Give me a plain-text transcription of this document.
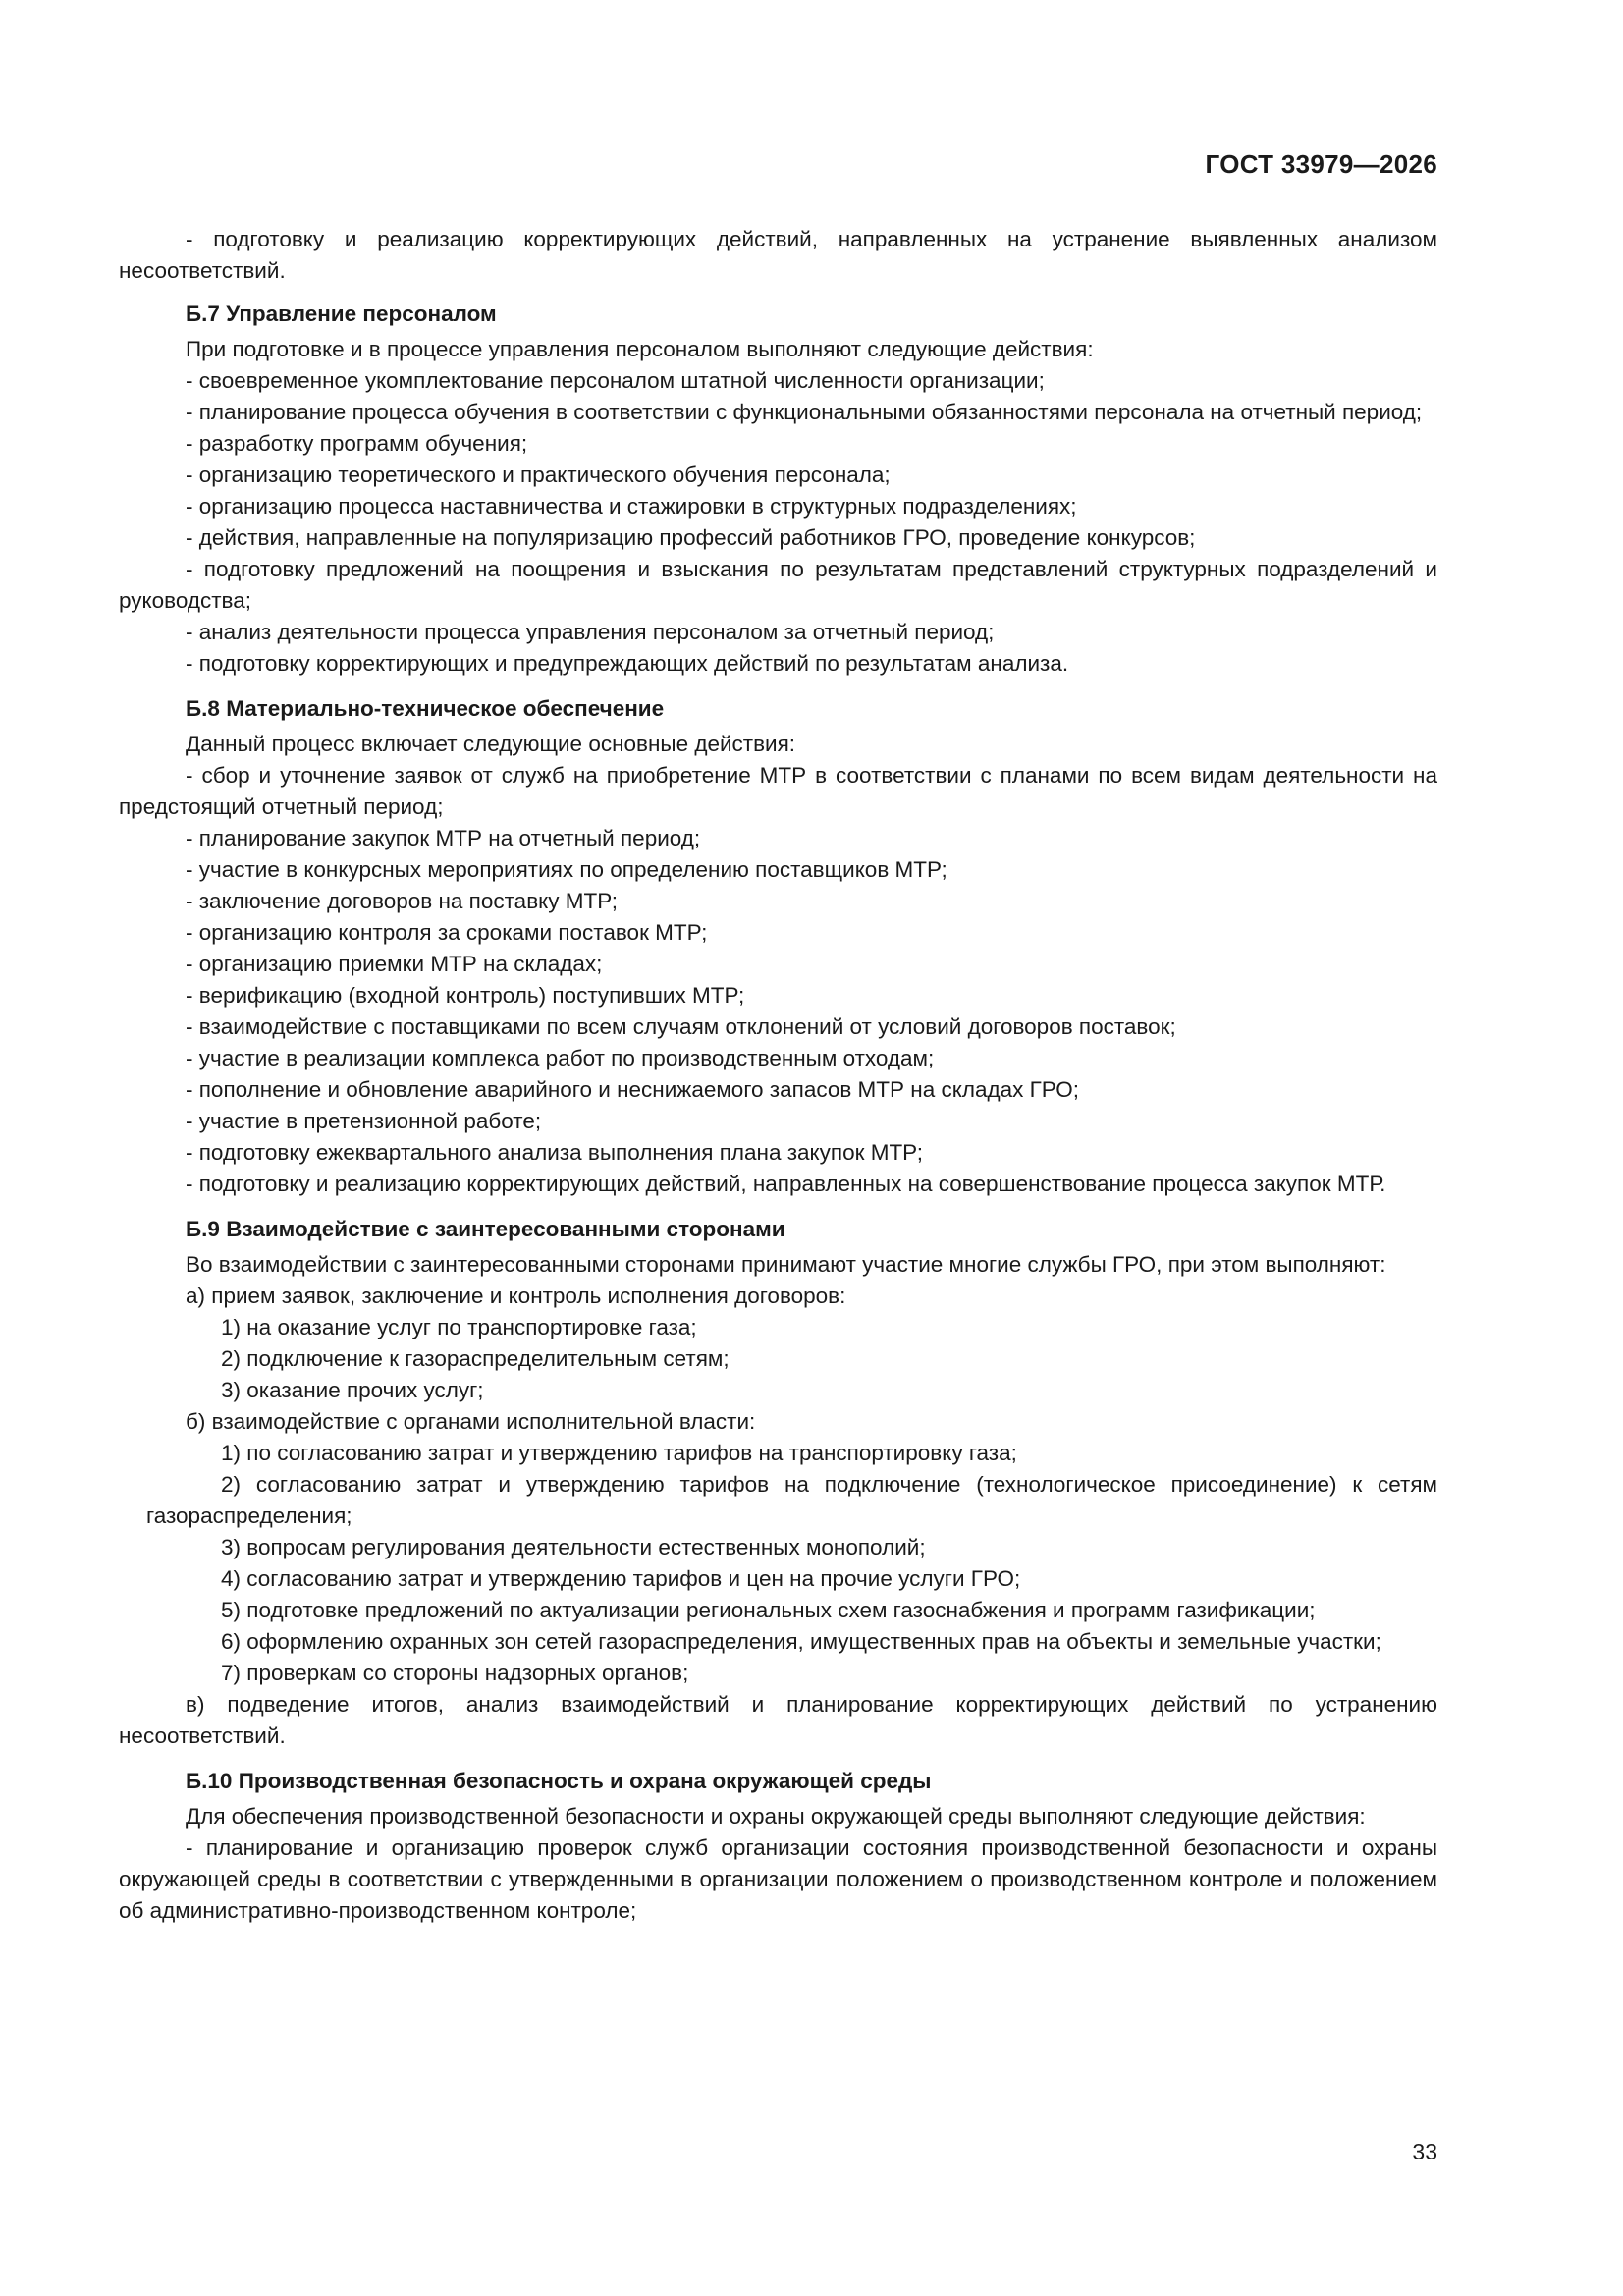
ГОСТ 33979—2026

- подготовку и реализацию корректирующих действий, направленных на устранение выявленных анализом несоответствий.

Б.7 Управление персоналом

При подготовке и в процессе управления персоналом выполняют следующие действия:

- своевременное укомплектование персоналом штатной численности организации;

- планирование процесса обучения в соответствии с функциональными обязанностями персонала на отчетный период;

- разработку программ обучения;

- организацию теоретического и практического обучения персонала;

- организацию процесса наставничества и стажировки в структурных подразделениях;

- действия, направленные на популяризацию профессий работников ГРО, проведение конкурсов;

- подготовку предложений на поощрения и взыскания по результатам представлений структурных подразделений и руководства;

- анализ деятельности процесса управления персоналом за отчетный период;

- подготовку корректирующих и предупреждающих действий по результатам анализа.

Б.8 Материально-техническое обеспечение

Данный процесс включает следующие основные действия:

- сбор и уточнение заявок от служб на приобретение МТР в соответствии с планами по всем видам деятельности на предстоящий отчетный период;

- планирование закупок МТР на отчетный период;

- участие в конкурсных мероприятиях по определению поставщиков МТР;

- заключение договоров на поставку МТР;

- организацию контроля за сроками поставок МТР;

- организацию приемки МТР на складах;

- верификацию (входной контроль) поступивших МТР;

- взаимодействие с поставщиками по всем случаям отклонений от условий договоров поставок;

- участие в реализации комплекса работ по производственным отходам;

- пополнение и обновление аварийного и неснижаемого запасов МТР на складах ГРО;

- участие в претензионной работе;

- подготовку ежеквартального анализа выполнения плана закупок МТР;

- подготовку и реализацию корректирующих действий, направленных на совершенствование процесса закупок МТР.

Б.9 Взаимодействие с заинтересованными сторонами

Во взаимодействии с заинтересованными сторонами принимают участие многие службы ГРО, при этом выполняют:

а) прием заявок, заключение и контроль исполнения договоров:

1) на оказание услуг по транспортировке газа;

2) подключение к газораспределительным сетям;

3) оказание прочих услуг;

б) взаимодействие с органами исполнительной власти:

1) по согласованию затрат и утверждению тарифов на транспортировку газа;

2) согласованию затрат и утверждению тарифов на подключение (технологическое присоединение) к сетям газораспределения;

3) вопросам регулирования деятельности естественных монополий;

4) согласованию затрат и утверждению тарифов и цен на прочие услуги ГРО;

5) подготовке предложений по актуализации региональных схем газоснабжения и программ газификации;

6) оформлению охранных зон сетей газораспределения, имущественных прав на объекты и земельные участки;

7) проверкам со стороны надзорных органов;

в) подведение итогов, анализ взаимодействий и планирование корректирующих действий по устранению несоответствий.

Б.10 Производственная безопасность и охрана окружающей среды

Для обеспечения производственной безопасности и охраны окружающей среды выполняют следующие действия:

- планирование и организацию проверок служб организации состояния производственной безопасности и охраны окружающей среды в соответствии с утвержденными в организации положением о производственном контроле и положением об административно-производственном контроле;

33
